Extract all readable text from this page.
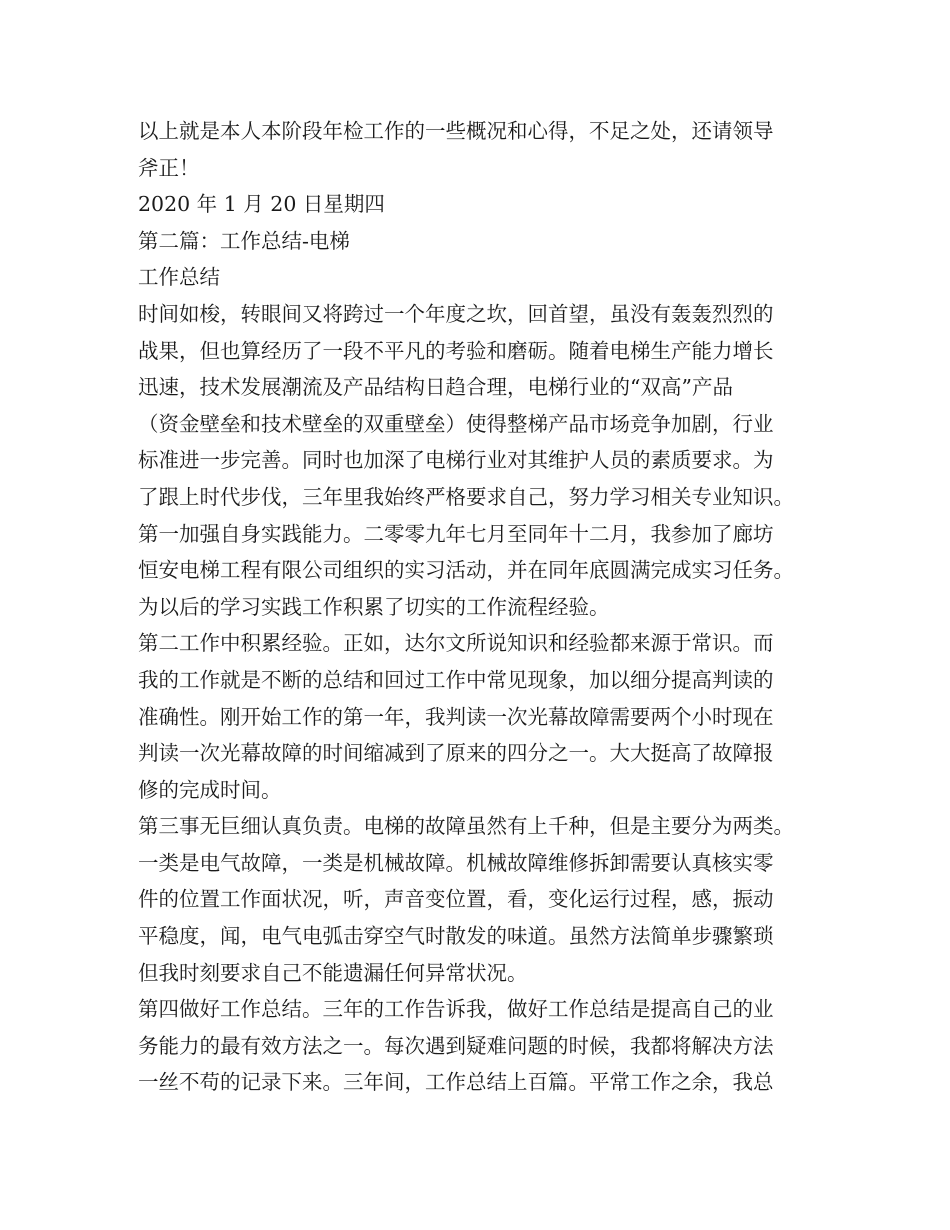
以上就是本人本阶段年检工作的一些概况和心得，不足之处，还请领导
斧正！
2020 年 1 月 20 日星期四
第二篇：工作总结-电梯
工作总结
时间如梭，转眼间又将跨过一个年度之坎，回首望，虽没有轰轰烈烈的
战果，但也算经历了一段不平凡的考验和磨砺。随着电梯生产能力增长
迅速，技术发展潮流及产品结构日趋合理，电梯行业的“双高”产品
（资金壁垒和技术壁垒的双重壁垒）使得整梯产品市场竞争加剧，行业
标准进一步完善。同时也加深了电梯行业对其维护人员的素质要求。为
了跟上时代步伐，三年里我始终严格要求自己，努力学习相关专业知识。
第一加强自身实践能力。二零零九年七月至同年十二月，我参加了廊坊
恒安电梯工程有限公司组织的实习活动，并在同年底圆满完成实习任务。
为以后的学习实践工作积累了切实的工作流程经验。
第二工作中积累经验。正如，达尔文所说知识和经验都来源于常识。而
我的工作就是不断的总结和回过工作中常见现象，加以细分提高判读的
准确性。刚开始工作的第一年，我判读一次光幕故障需要两个小时现在
判读一次光幕故障的时间缩减到了原来的四分之一。大大挺高了故障报
修的完成时间。
第三事无巨细认真负责。电梯的故障虽然有上千种，但是主要分为两类。
一类是电气故障，一类是机械故障。机械故障维修拆卸需要认真核实零
件的位置工作面状况，听，声音变位置，看，变化运行过程，感，振动
平稳度，闻，电气电弧击穿空气时散发的味道。虽然方法简单步骤繁琐
但我时刻要求自己不能遗漏任何异常状况。
第四做好工作总结。三年的工作告诉我，做好工作总结是提高自己的业
务能力的最有效方法之一。每次遇到疑难问题的时候，我都将解决方法
一丝不苟的记录下来。三年间，工作总结上百篇。平常工作之余，我总
